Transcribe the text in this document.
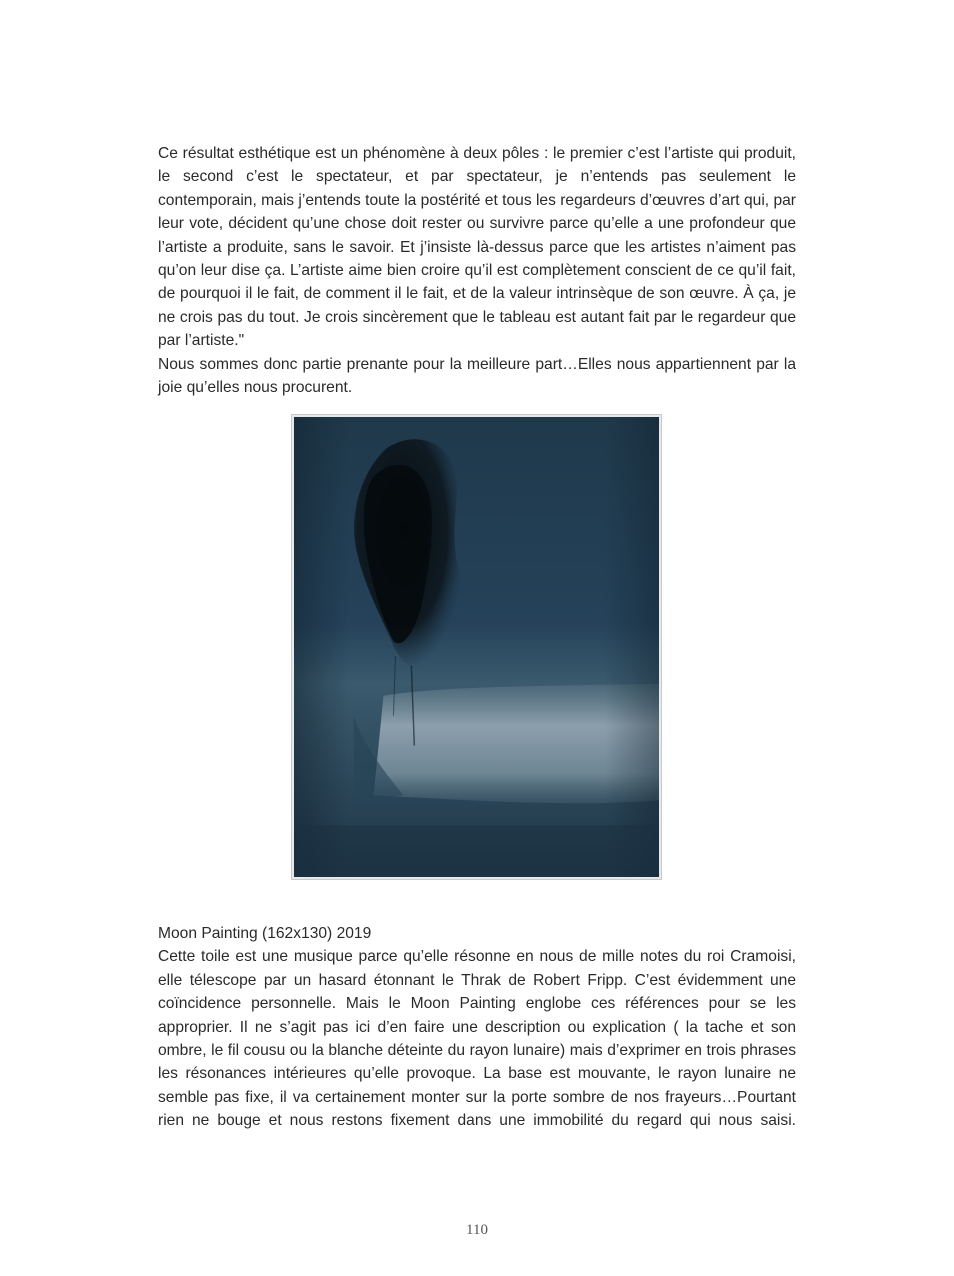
Ce résultat esthétique est un phénomène à deux pôles : le premier c’est l’artiste qui produit, le second c’est le spectateur, et par spectateur, je n’entends pas seulement le contemporain, mais j’entends toute la postérité et tous les regardeurs d’œuvres d’art qui, par leur vote, décident qu’une chose doit rester ou survivre parce qu’elle a une profondeur que l’artiste a produite, sans le savoir. Et j’insiste là-dessus parce que les artistes n’aiment pas qu’on leur dise ça. L’artiste aime bien croire qu’il est complètement conscient de ce qu’il fait, de pourquoi il le fait, de comment il le fait, et de la valeur intrinsèque de son œuvre. À ça, je ne crois pas du tout. Je crois sincèrement que le tableau est autant fait par le regardeur que par l’artiste."

Nous sommes donc partie prenante pour la meilleure part…Elles nous appartiennent par la joie qu’elles nous procurent.

Moon Painting (162x130) 2019

Cette toile est une musique parce qu’elle résonne en nous de mille notes du roi Cramoisi, elle télescope par un hasard étonnant le Thrak de Robert Fripp. C’est évidemment une coïncidence personnelle. Mais le Moon Painting englobe ces références pour se les approprier. Il ne s’agit pas ici d’en faire une description ou explication ( la tache et son ombre, le fil cousu ou la blanche déteinte du rayon lunaire) mais d’exprimer en trois phrases les résonances intérieures qu’elle provoque. La base est mouvante, le rayon lunaire ne semble pas fixe, il va certainement monter sur la porte sombre de nos frayeurs…Pourtant rien ne bouge et nous restons fixement dans une immobilité du regard qui nous saisi.

110
